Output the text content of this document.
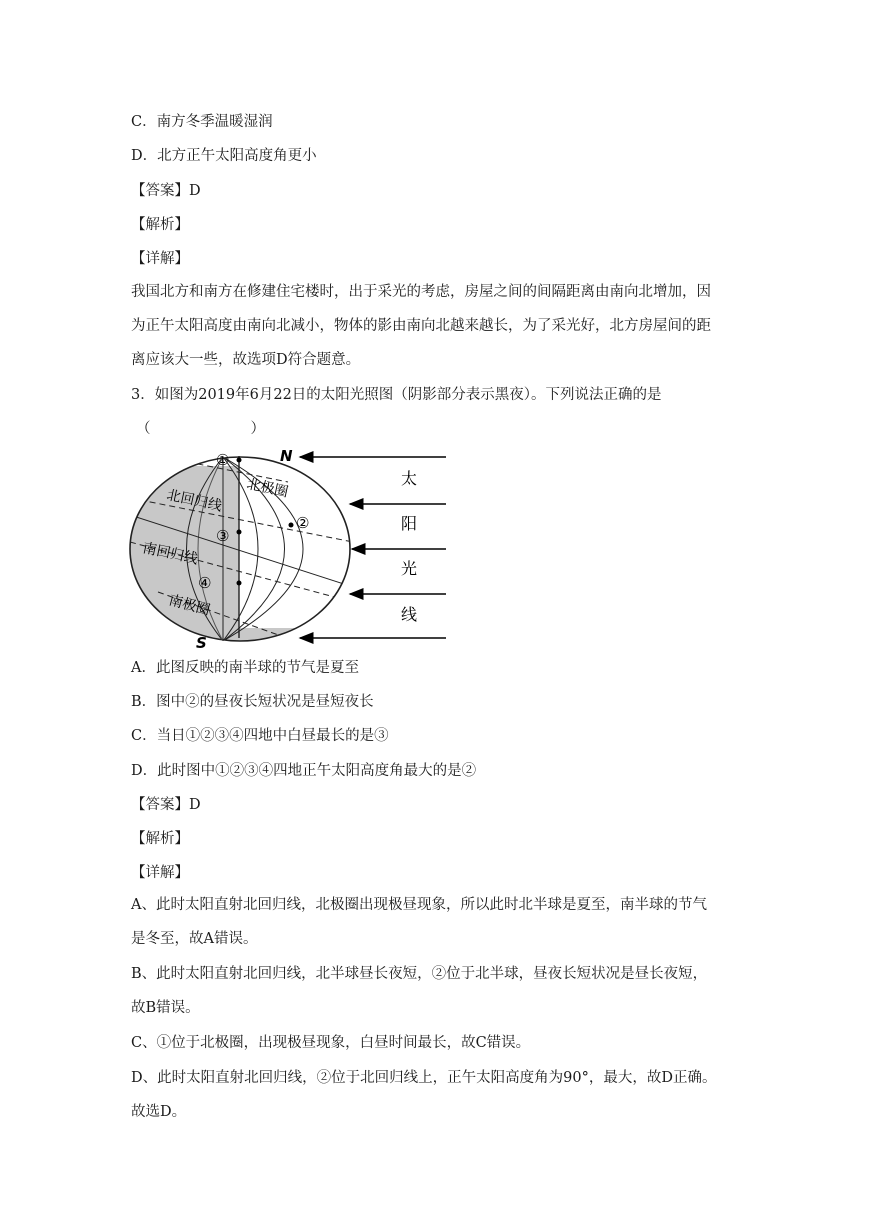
C．南方冬季温暖湿润
D．北方正午太阳高度角更小
【答案】D
【解析】
【详解】
我国北方和南方在修建住宅楼时，出于采光的考虑，房屋之间的间隔距离由南向北增加，因
为正午太阳高度由南向北减小，物体的影由南向北越来越长，为了采光好，北方房屋间的距
离应该大一些，故选项D符合题意。
3．如图为2019年6月22日的太阳光照图（阴影部分表示黑夜）。下列说法正确的是
（	）
①
②
③
④
北极圈
北回归线
南回归线
南极圈
N
S
太
阳
光
线
A．此图反映的南半球的节气是夏至
B．图中②的昼夜长短状况是昼短夜长
C．当日①②③④四地中白昼最长的是③
D．此时图中①②③④四地正午太阳高度角最大的是②
【答案】D
【解析】
【详解】
A、此时太阳直射北回归线，北极圈出现极昼现象，所以此时北半球是夏至，南半球的节气
是冬至，故A错误。
B、此时太阳直射北回归线，北半球昼长夜短，②位于北半球，昼夜长短状况是昼长夜短，
故B错误。
C、①位于北极圈，出现极昼现象，白昼时间最长，故C错误。
D、此时太阳直射北回归线，②位于北回归线上，正午太阳高度角为90°，最大，故D正确。
故选D。
